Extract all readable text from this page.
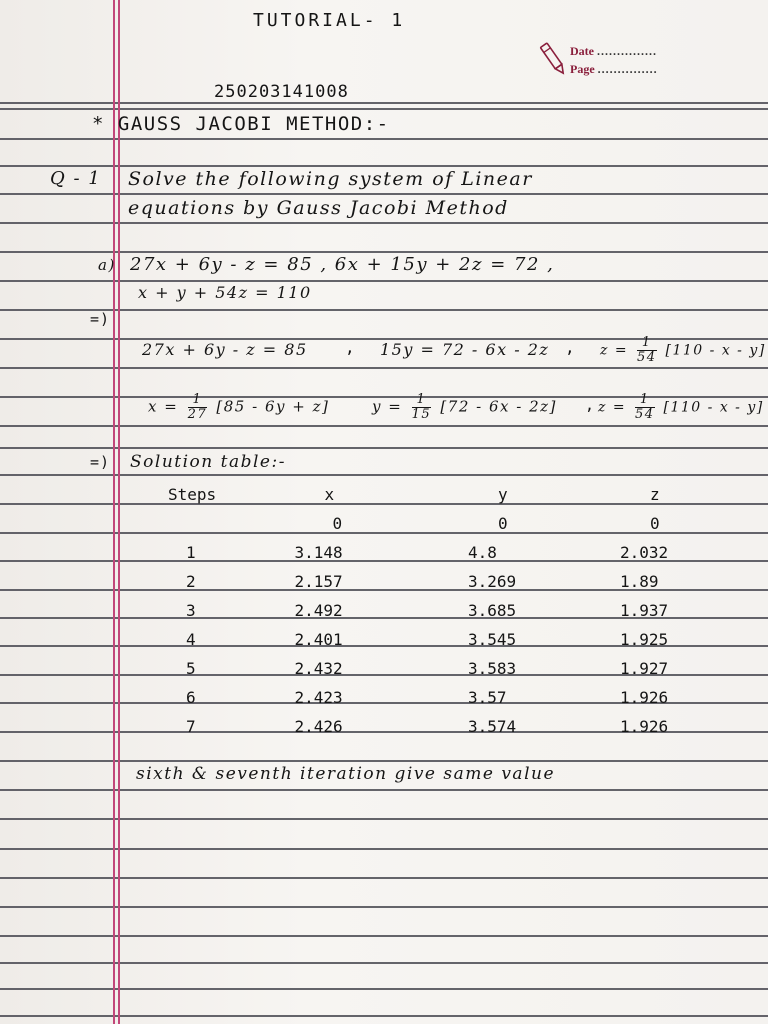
TUTORIAL- 1
Date ...............
Page ...............
250203141008
* GAUSS JACOBI METHOD:-
Q - 1 Solve the following system of Linear
equations by Gauss Jacobi Method
a) 27x + 6y - z = 85 , 6x + 15y + 2z = 72 ,
x + y + 54z = 110
=)
27x + 6y - z = 85 , 15y = 72 - 6x - 2z , $z = \frac{1}{54} [110 - x - y]$
$x = \frac{1}{27} [85 - 6y + z]$	$y = \frac{1}{15} [72 - 6x - 2z]$ , $z = \frac{1}{54} [110 - x - y]$
=) Solution table:-
Steps	x	y	z
	0	0	0
1	3.148	4.8	2.032
2	2.157	3.269	1.89
3	2.492	3.685	1.937
4	2.401	3.545	1.925
5	2.432	3.583	1.927
6	2.423	3.57	1.926
7	2.426	3.574	1.926
sixth & seventh iteration give same value
